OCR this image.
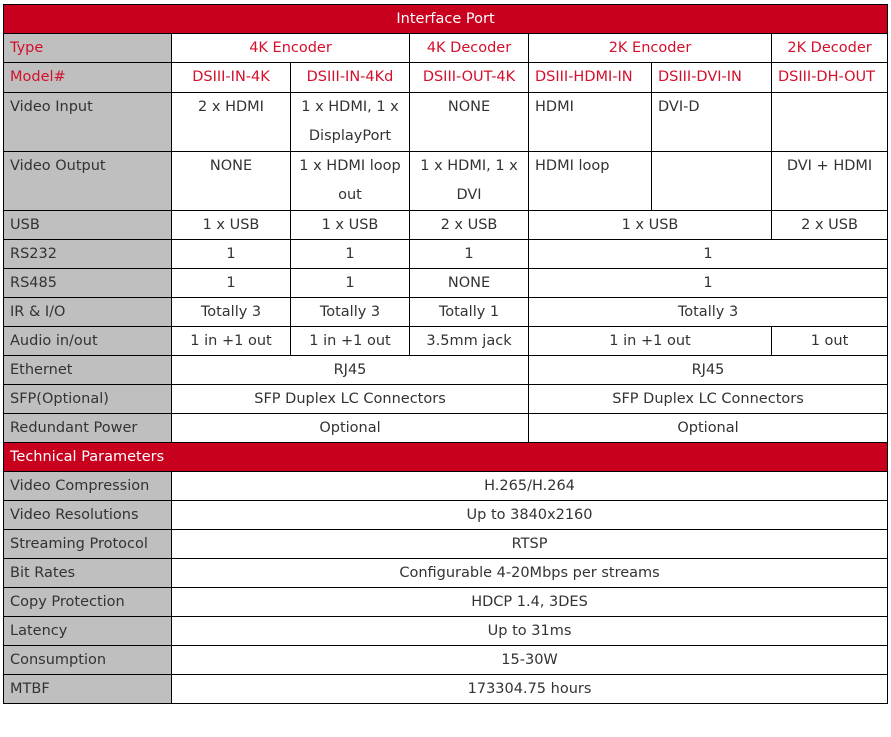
Interface Port						
Type	4K Encoder		4K Decoder	2K Encoder		2K Decoder
Model#	DSIII-IN-4K	DSIII-IN-4Kd	DSIII-OUT-4K	DSIII-HDMI-IN	DSIII-DVI-IN	DSIII-DH-OUT
Video Input	2 x HDMI	1 x HDMI, 1 x DisplayPort	NONE	HDMI	DVI-D	
Video Output	NONE	1 x HDMI loop out	1 x HDMI, 1 x DVI	HDMI loop		DVI + HDMI
USB	1 x USB	1 x USB	2 x USB	1 x USB		2 x USB
RS232	1	1	1	1		
RS485	1	1	NONE	1		
IR & I/O	Totally 3	Totally 3	Totally 1	Totally 3		
Audio in/out	1 in +1 out	1 in +1 out	3.5mm jack	1 in +1 out		1 out
Ethernet	RJ45			RJ45		
SFP(Optional)	SFP Duplex LC Connectors			SFP Duplex LC Connectors		
Redundant Power	Optional			Optional		
Technical Parameters						
Video Compression	H.265/H.264					
Video Resolutions	Up to 3840x2160					
Streaming Protocol	RTSP					
Bit Rates	Configurable 4-20Mbps per streams					
Copy Protection	HDCP 1.4, 3DES					
Latency	Up to 31ms					
Consumption	15-30W					
MTBF	173304.75 hours					
